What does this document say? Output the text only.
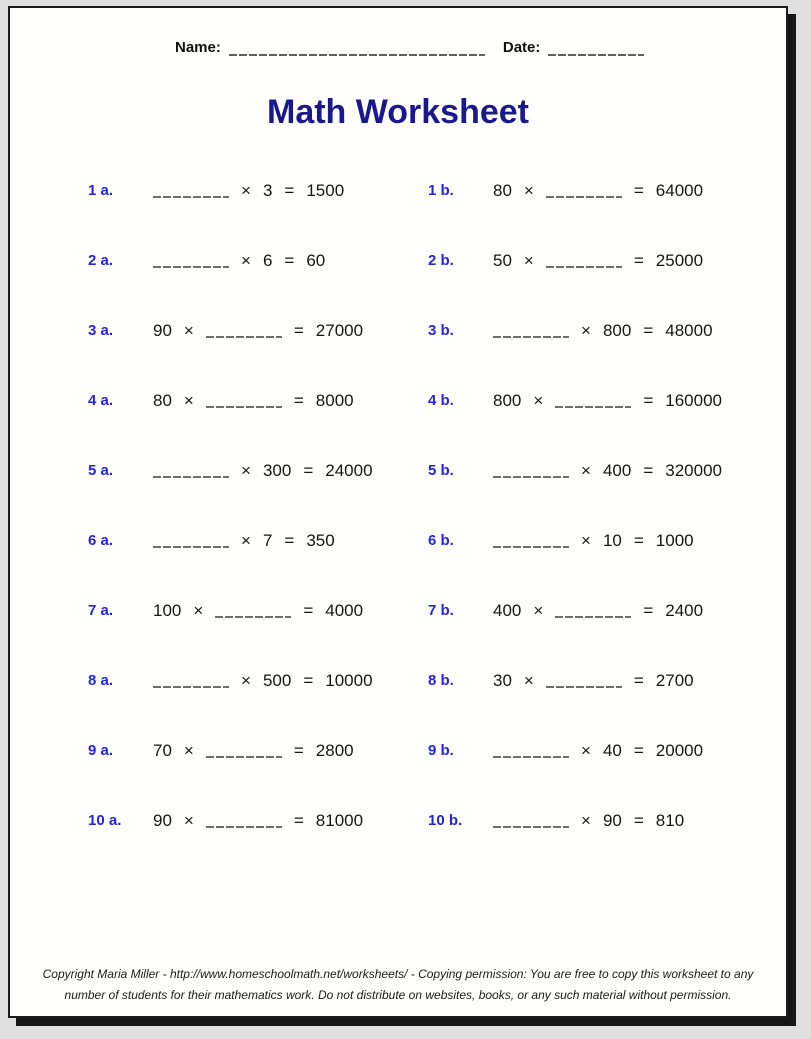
Name:	Date:
Math Worksheet
1 a.	× 3 = 1500	1 b.	80 ×	= 64000
2 a.	× 6 = 60	2 b.	50 ×	= 25000
3 a.	90 ×	= 27000	3 b.	× 800 = 48000
4 a.	80 ×	= 8000	4 b.	800 ×	= 160000
5 a.	× 300 = 24000	5 b.	× 400 = 320000
6 a.	× 7 = 350	6 b.	× 10 = 1000
7 a.	100 ×	= 4000	7 b.	400 ×	= 2400
8 a.	× 500 = 10000	8 b.	30 ×	= 2700
9 a.	70 ×	= 2800	9 b.	× 40 = 20000
10 a.	90 ×	= 81000	10 b.	× 90 = 810
Copyright Maria Miller - http://www.homeschoolmath.net/worksheets/ - Copying permission: You are free to copy this worksheet to any
number of students for their mathematics work. Do not distribute on websites, books, or any such material without permission.
